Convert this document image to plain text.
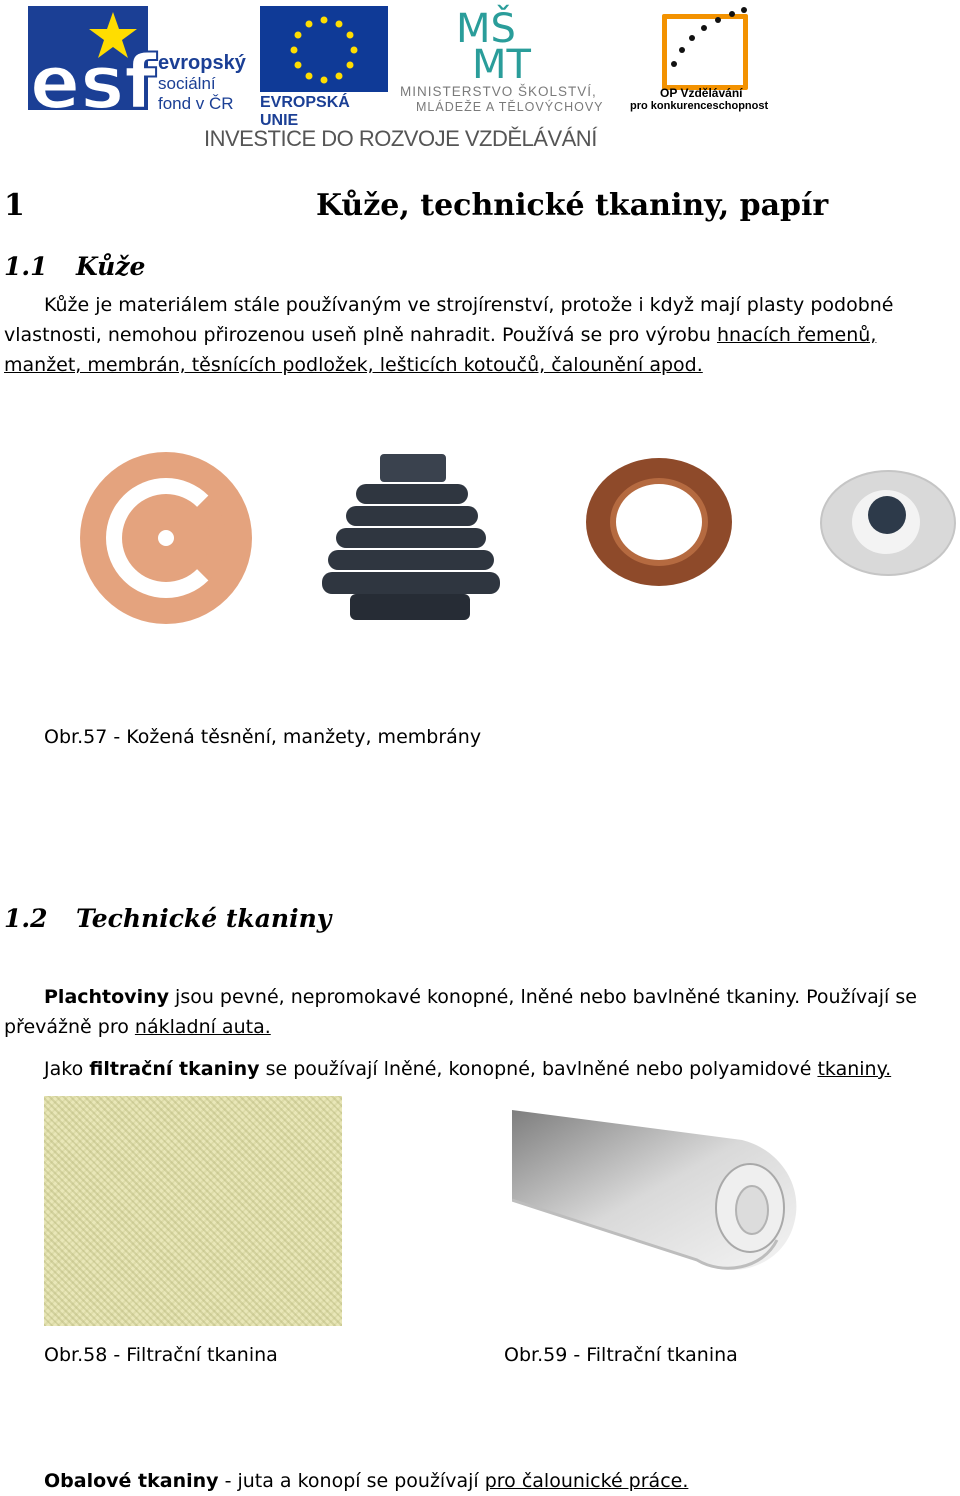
esf evropský
sociální
fond v ČR EVROPSKÁ UNIE
MŠ
MT
MINISTERSTVO ŠKOLSTVÍ,
MLÁDEŽE A TĚLOVÝCHOVY
OP Vzdělávání
pro konkurenceschopnost
INVESTICE DO ROZVOJE VZDĚLÁVÁNÍ
1	Kůže, technické tkaniny, papír
1.1 Kůže
Kůže je materiálem stále používaným ve strojírenství, protože i když mají plasty podobné vlastnosti, nemohou přirozenou useň plně nahradit. Používá se pro výrobu hnacích řemenů, manžet, membrán, těsnících podložek, lešticích kotoučů, čalounění apod.
Obr.57 - Kožená těsnění, manžety, membrány
1.2 Technické tkaniny
Plachtoviny jsou pevné, nepromokavé konopné, lněné nebo bavlněné tkaniny. Používají se převážně pro nákladní auta.
Jako filtrační tkaniny se používají lněné, konopné, bavlněné nebo polyamidové tkaniny.
Obr.58 - Filtrační tkanina	Obr.59 - Filtrační tkanina
Obalové tkaniny - juta a konopí se používají pro čalounické práce.
